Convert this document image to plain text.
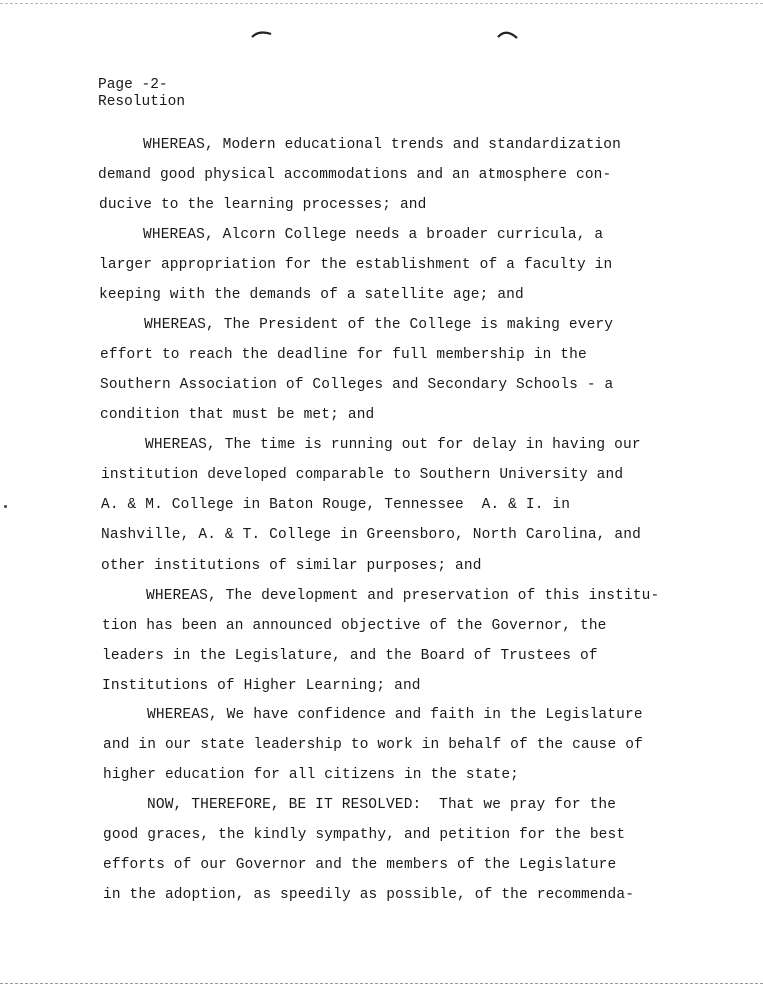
Page -2-
Resolution
WHEREAS, Modern educational trends and standardization
demand good physical accommodations and an atmosphere con-
ducive to the learning processes; and
WHEREAS, Alcorn College needs a broader curricula, a
larger appropriation for the establishment of a faculty in
keeping with the demands of a satellite age; and
WHEREAS, The President of the College is making every
effort to reach the deadline for full membership in the
Southern Association of Colleges and Secondary Schools - a
condition that must be met; and
WHEREAS, The time is running out for delay in having our
institution developed comparable to Southern University and
A. & M. College in Baton Rouge, Tennessee  A. & I. in
Nashville, A. & T. College in Greensboro, North Carolina, and
other institutions of similar purposes; and
WHEREAS, The development and preservation of this institu-
tion has been an announced objective of the Governor, the
leaders in the Legislature, and the Board of Trustees of
Institutions of Higher Learning; and
WHEREAS, We have confidence and faith in the Legislature
and in our state leadership to work in behalf of the cause of
higher education for all citizens in the state;
NOW, THEREFORE, BE IT RESOLVED:  That we pray for the
good graces, the kindly sympathy, and petition for the best
efforts of our Governor and the members of the Legislature
in the adoption, as speedily as possible, of the recommenda-
